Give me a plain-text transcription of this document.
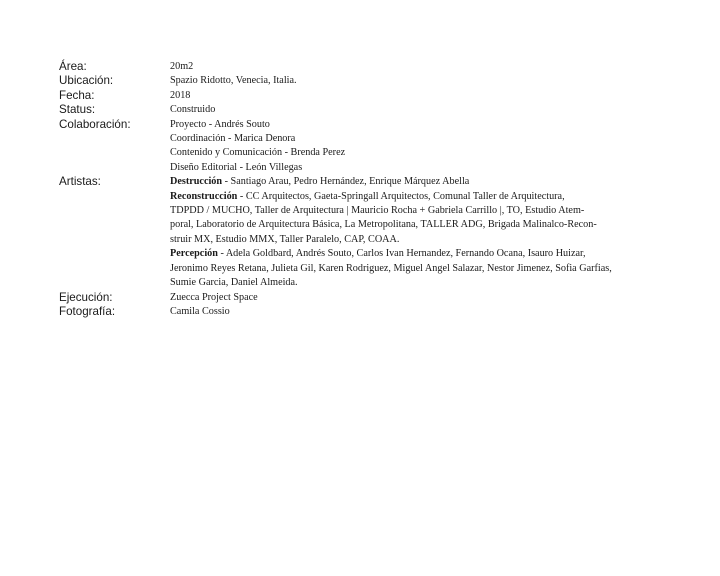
Área:	20m2
Ubicación:	Spazio Ridotto, Venecia, Italia.
Fecha:	2018
Status:	Construido
Colaboración:	Proyecto - Andrés Souto
Coordinación - Marica Denora
Contenido y Comunicación - Brenda Perez
Diseño Editorial - León Villegas
Artistas:	Destrucción - Santiago Arau, Pedro Hernández, Enrique Márquez Abella
Reconstrucción - CC Arquitectos, Gaeta-Springall Arquitectos, Comunal Taller de Arquitectura,
TDPDD / MUCHO, Taller de Arquitectura | Mauricio Rocha + Gabriela Carrillo |, TO, Estudio Atem-
poral, Laboratorio de Arquitectura Básica, La Metropolitana, TALLER ADG, Brigada Malinalco-Recon-
struir MX, Estudio MMX, Taller Paralelo, CAP, COAA.
Percepción - Adela Goldbard, Andrés Souto, Carlos Ivan Hernandez, Fernando Ocana, Isauro Huizar,
Jeronimo Reyes Retana, Julieta Gil, Karen Rodriguez, Miguel Angel Salazar, Nestor Jimenez, Sofia Garfias,
Sumie Garcia, Daniel Almeida.
Ejecución:	Zuecca Project Space
Fotografía:	Camila Cossio
